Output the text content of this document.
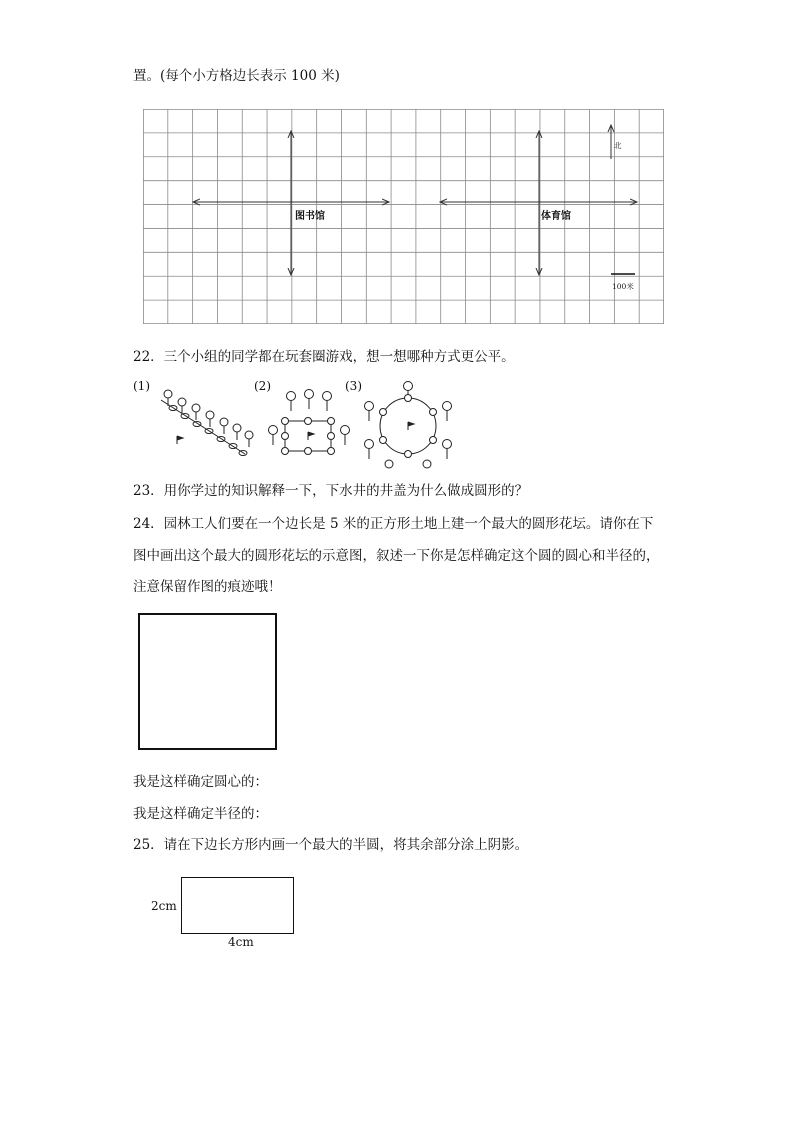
置。(每个小方格边长表示 100 米)
图书馆	体育馆
北
100米
22．三个小组的同学都在玩套圈游戏，想一想哪种方式更公平。
(1)	(2)	(3)
23．用你学过的知识解释一下，下水井的井盖为什么做成圆形的？
24．园林工人们要在一个边长是 5 米的正方形土地上建一个最大的圆形花坛。请你在下
图中画出这个最大的圆形花坛的示意图，叙述一下你是怎样确定这个圆的圆心和半径的，
注意保留作图的痕迹哦！
我是这样确定圆心的：
我是这样确定半径的：
25．请在下边长方形内画一个最大的半圆，将其余部分涂上阴影。
2cm
4cm
